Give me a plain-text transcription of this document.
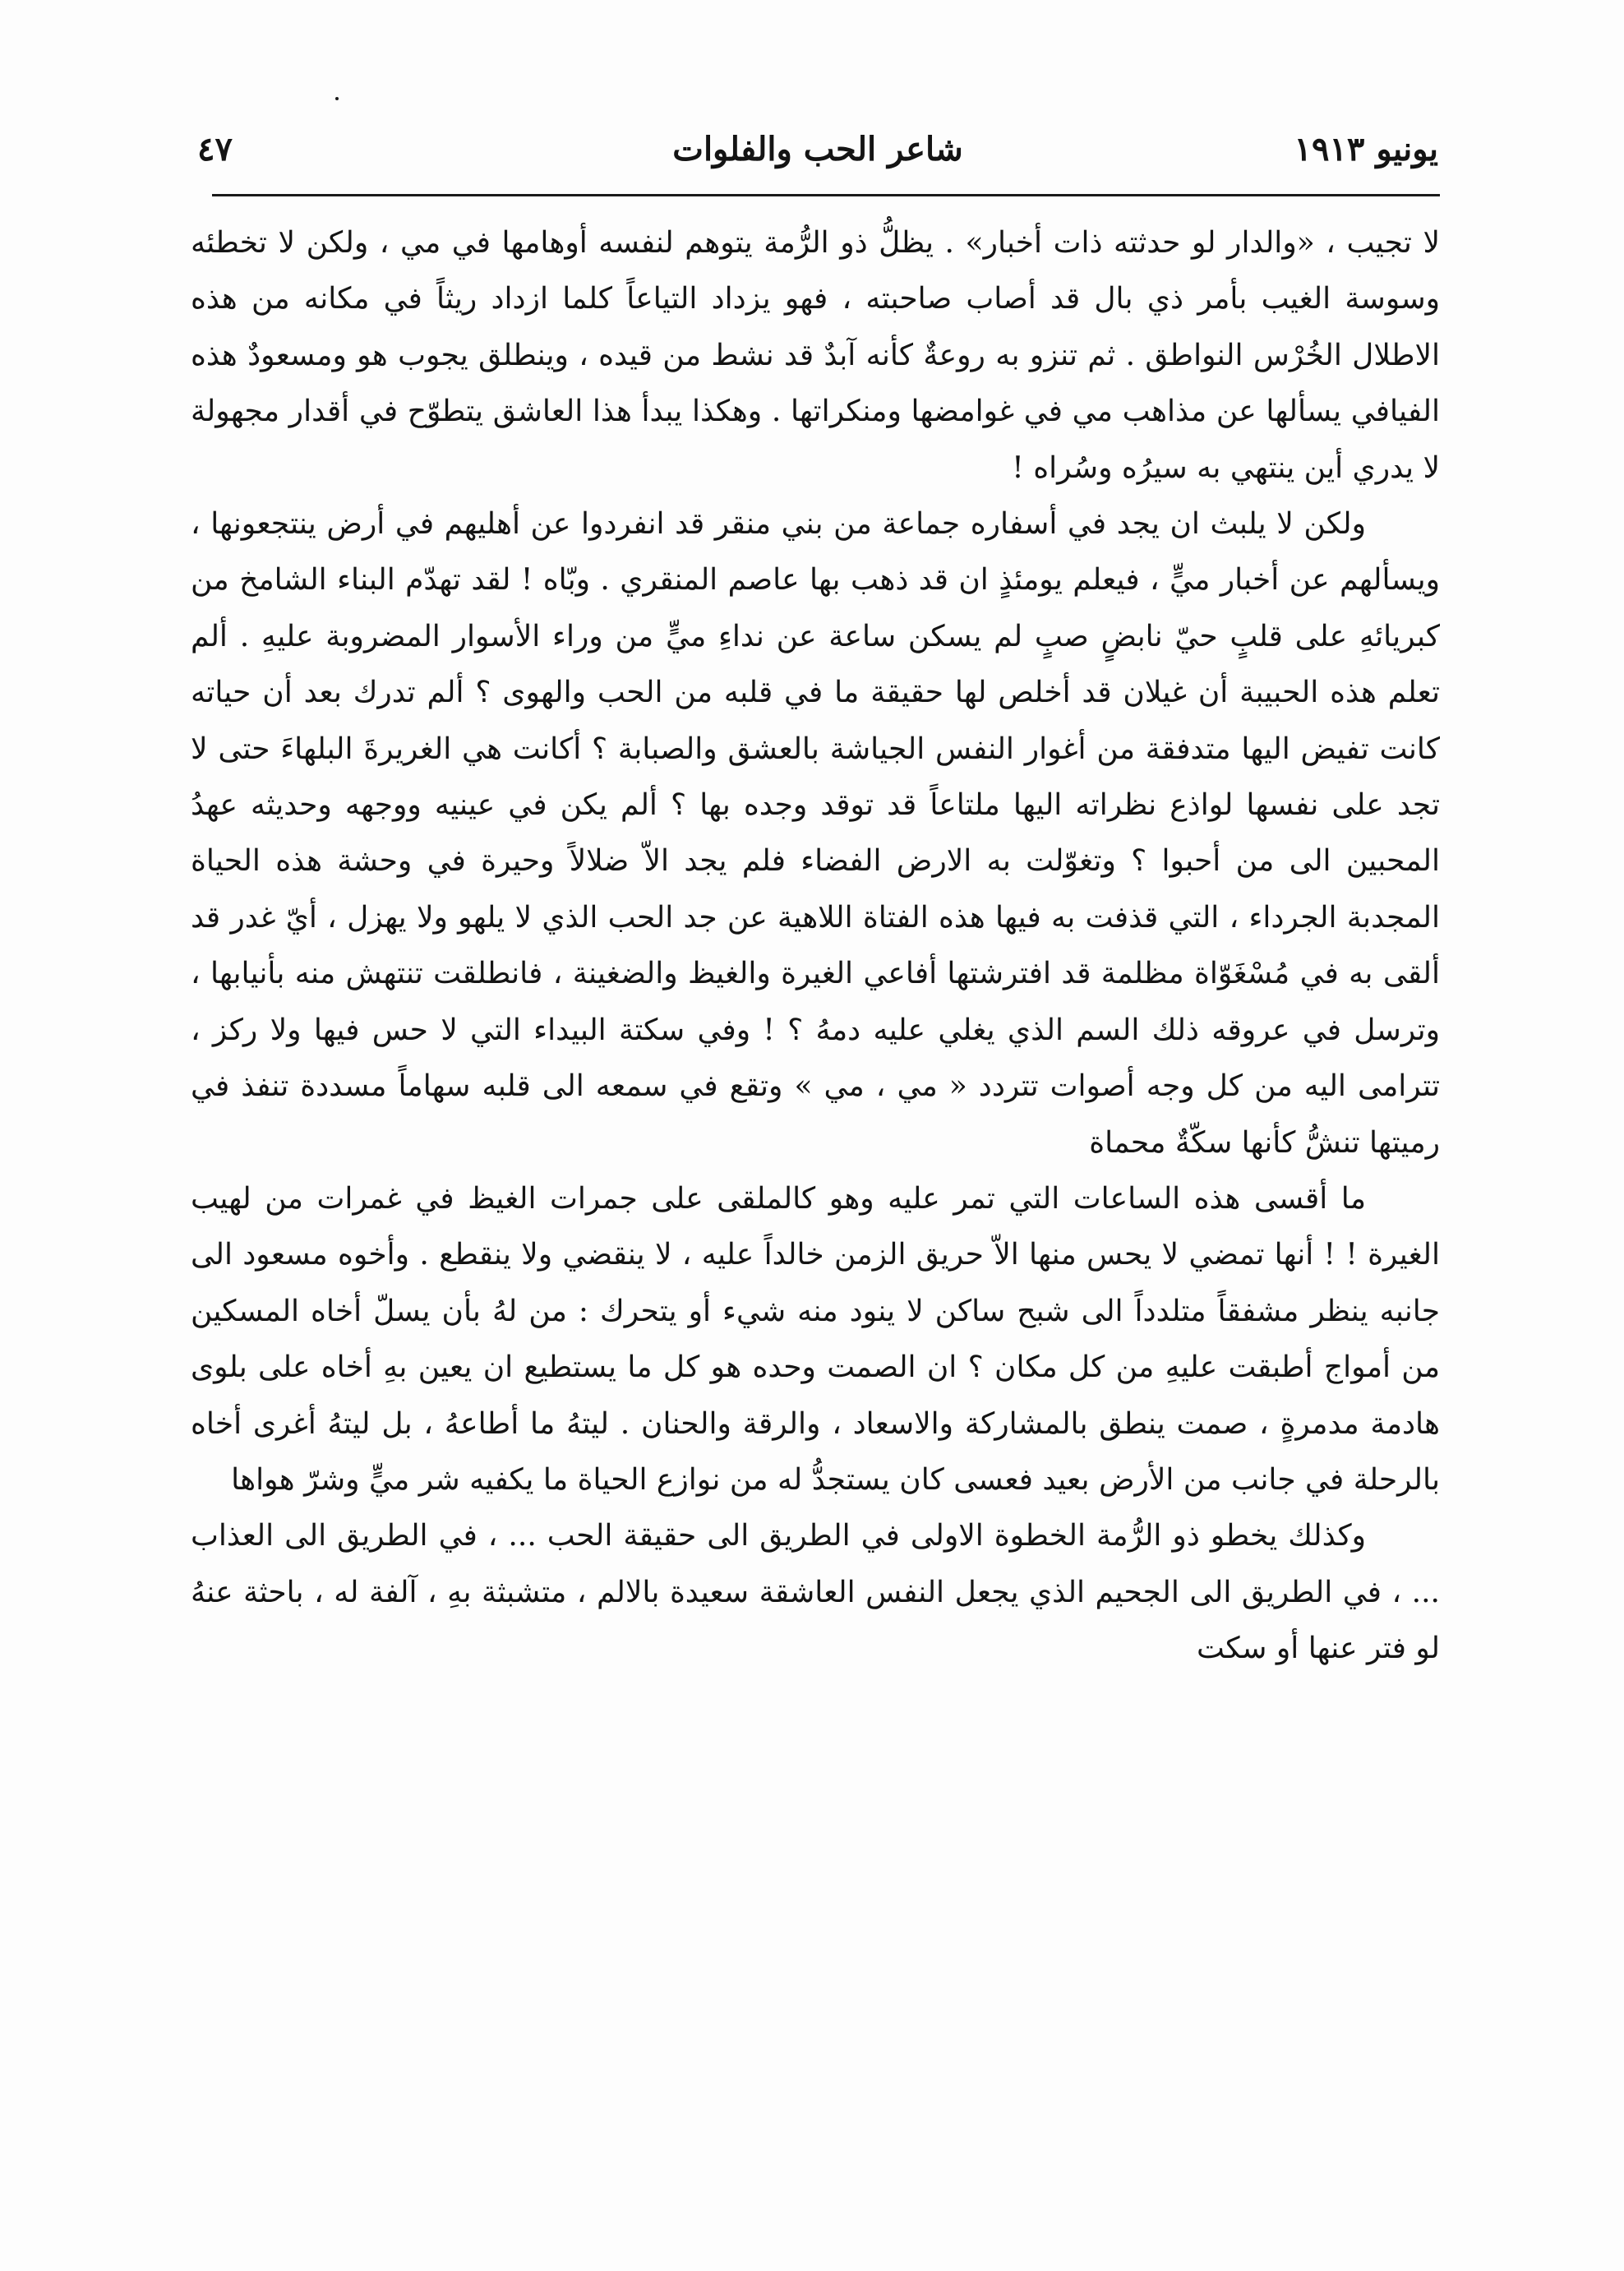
يونيو ١٩١٣
شاعر الحب والفلوات
٤٧

لا تجيب ، «والدار لو حدثته ذات أخبار» . يظلُّ ذو الرُّمة يتوهم لنفسه أوهامها في مي ، ولكن لا تخطئه وسوسة الغيب بأمر ذي بال قد أصاب صاحبته ، فهو يزداد التياعاً كلما ازداد ريثاً في مكانه من هذه الاطلال الخُرْس النواطق . ثم تنزو به روعةٌ كأنه آبدٌ قد نشط من قيده ، وينطلق يجوب هو ومسعودٌ هذه الفيافي يسألها عن مذاهب مي في غوامضها ومنكراتها . وهكذا يبدأ هذا العاشق يتطوّح في أقدار مجهولة لا يدري أين ينتهي به سيرُه وسُراه !

ولكن لا يلبث ان يجد في أسفاره جماعة من بني منقر قد انفردوا عن أهليهم في أرض ينتجعونها ، ويسألهم عن أخبار ميٍّ ، فيعلم يومئذٍ ان قد ذهب بها عاصم المنقري . وبّاه ! لقد تهدّم البناء الشامخ من كبريائهِ على قلبٍ حيّ نابضٍ صبٍ لم يسكن ساعة عن نداءِ ميٍّ من وراء الأسوار المضروبة عليهِ . ألم تعلم هذه الحبيبة أن غيلان قد أخلص لها حقيقة ما في قلبه من الحب والهوى ؟ ألم تدرك بعد أن حياته كانت تفيض اليها متدفقة من أغوار النفس الجياشة بالعشق والصبابة ؟ أكانت هي الغريرةَ البلهاءَ حتى لا تجد على نفسها لواذع نظراته اليها ملتاعاً قد توقد وجده بها ؟ ألم يكن في عينيه ووجهه وحديثه عهدُ المحبين الى من أحبوا ؟ وتغوّلت به الارض الفضاء فلم يجد الاّ ضلالاً وحيرة في وحشة هذه الحياة المجدبة الجرداء ، التي قذفت به فيها هذه الفتاة اللاهية عن جد الحب الذي لا يلهو ولا يهزل ، أيّ غدر قد ألقى به في مُسْغَوّاة مظلمة قد افترشتها أفاعي الغيرة والغيظ والضغينة ، فانطلقت تنتهش منه بأنيابها ، وترسل في عروقه ذلك السم الذي يغلي عليه دمهُ ؟ ! وفي سكتة البيداء التي لا حس فيها ولا ركز ، تترامى اليه من كل وجه أصوات تتردد « مي ، مي » وتقع في سمعه الى قلبه سهاماً مسددة تنفذ في رميتها تنشُّ كأنها سكّةٌ محماة

ما أقسى هذه الساعات التي تمر عليه وهو كالملقى على جمرات الغيظ في غمرات من لهيب الغيرة ! ! أنها تمضي لا يحس منها الاّ حريق الزمن خالداً عليه ، لا ينقضي ولا ينقطع . وأخوه مسعود الى جانبه ينظر مشفقاً متلدداً الى شبح ساكن لا ينود منه شيء أو يتحرك : من لهُ بأن يسلّ أخاه المسكين من أمواج أطبقت عليهِ من كل مكان ؟ ان الصمت وحده هو كل ما يستطيع ان يعين بهِ أخاه على بلوى هادمة مدمرةٍ ، صمت ينطق بالمشاركة والاسعاد ، والرقة والحنان . ليتهُ ما أطاعهُ ، بل ليتهُ أغرى أخاه بالرحلة في جانب من الأرض بعيد فعسى كان يستجدُّ له من نوازع الحياة ما يكفيه شر ميٍّ وشرّ هواها

وكذلك يخطو ذو الرُّمة الخطوة الاولى في الطريق الى حقيقة الحب ... ، في الطريق الى العذاب ... ، في الطريق الى الجحيم الذي يجعل النفس العاشقة سعيدة بالالم ، متشبثة بهِ ، آلفة له ، باحثة عنهُ لو فتر عنها أو سكت
